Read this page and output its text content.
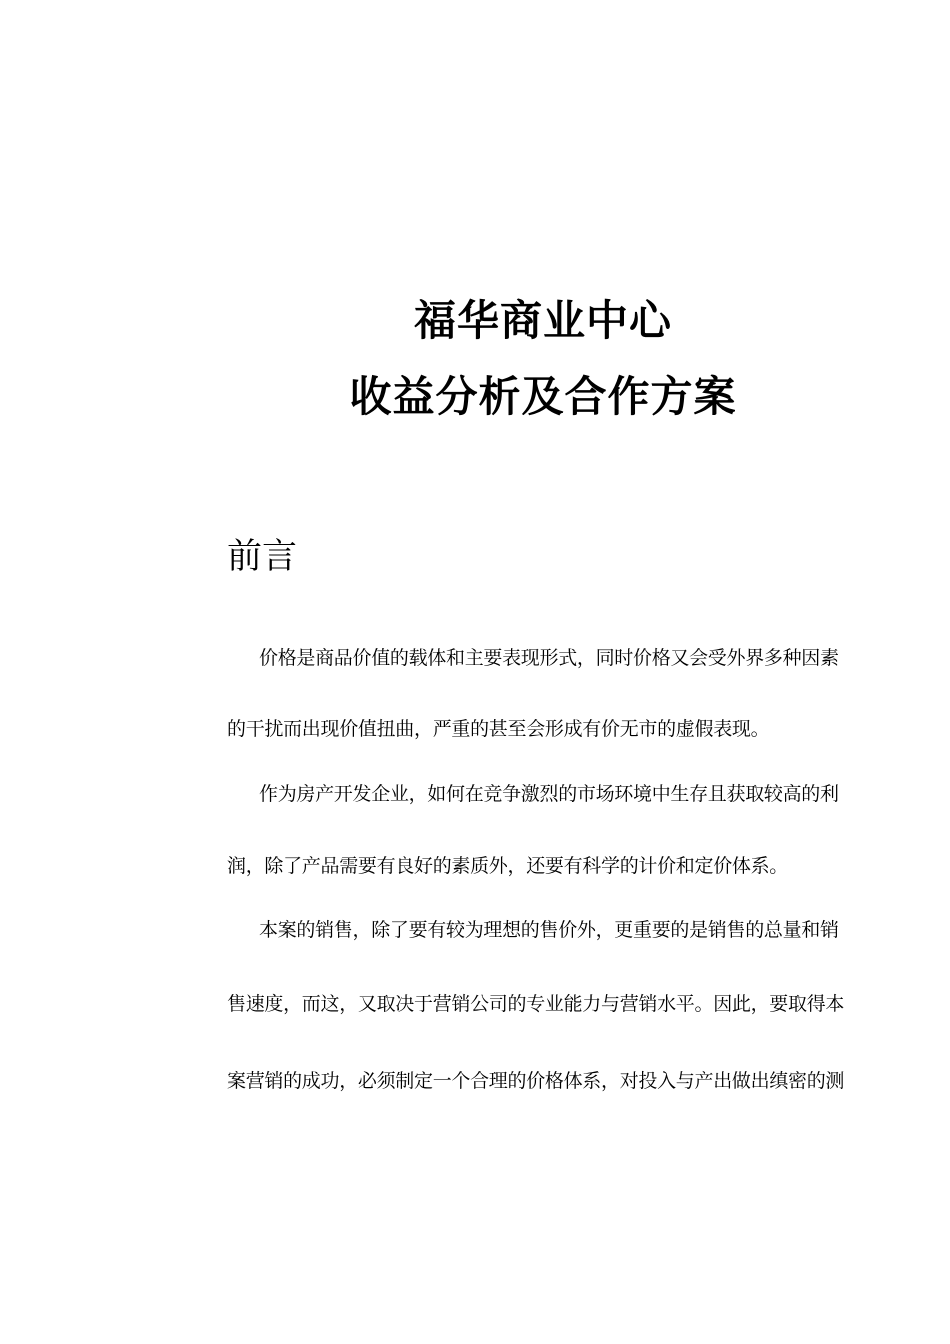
福华商业中心
收益分析及合作方案
前言
价格是商品价值的载体和主要表现形式，同时价格又会受外界多种因素
的干扰而出现价值扭曲，严重的甚至会形成有价无市的虚假表现。
作为房产开发企业，如何在竞争激烈的市场环境中生存且获取较高的利
润，除了产品需要有良好的素质外，还要有科学的计价和定价体系。
本案的销售，除了要有较为理想的售价外，更重要的是销售的总量和销
售速度，而这，又取决于营销公司的专业能力与营销水平。因此，要取得本
案营销的成功，必须制定一个合理的价格体系，对投入与产出做出缜密的测
